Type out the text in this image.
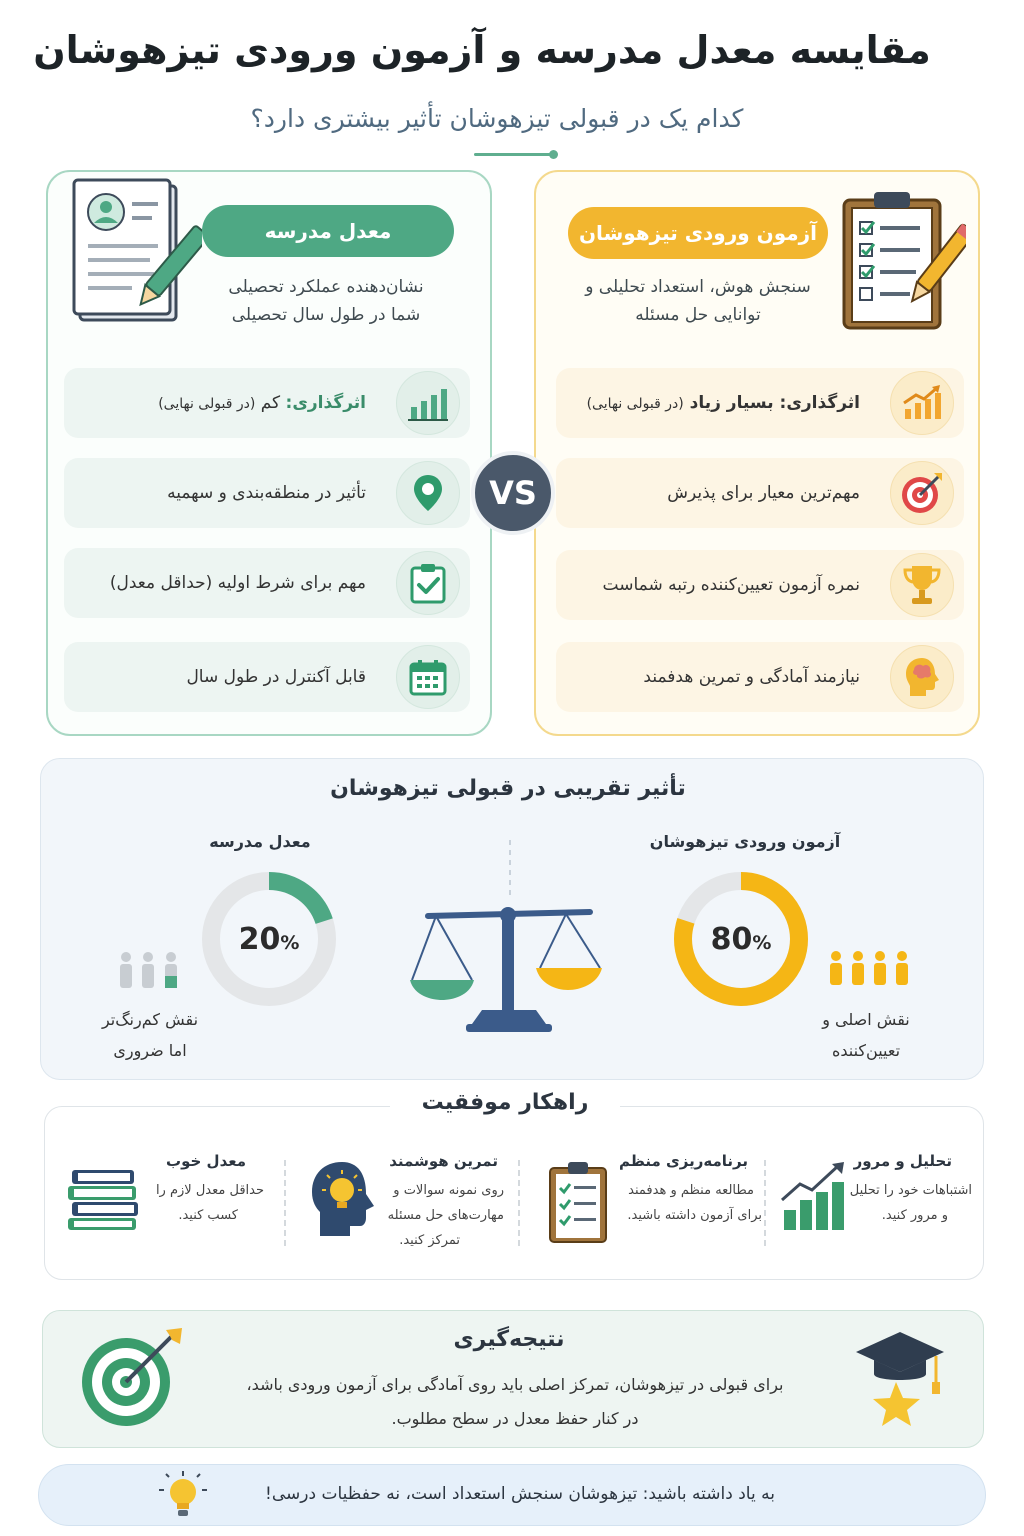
مقایسه معدل مدرسه و آزمون ورودی تیزهوشان
کدام یک در قبولی تیزهوشان تأثیر بیشتری دارد؟
معدل مدرسه
نشان‌دهنده عملکرد تحصیلی
شما در طول سال تحصیلی
اثرگذاری: کم (در قبولی نهایی)
تأثیر در منطقه‌بندی و سهمیه
مهم برای شرط اولیه (حداقل معدل)
قابل آکنترل در طول سال
آزمون ورودی تیزهوشان
سنجش هوش، استعداد تحلیلی و
توانایی حل مسئله
اثرگذاری: بسیار زیاد (در قبولی نهایی)
مهم‌ترین معیار برای پذیرش
نمره آزمون تعیین‌کننده رتبه شماست
نیازمند آمادگی و تمرین هدفمند
VS
تأثیر تقریبی در قبولی تیزهوشان
معدل مدرسه	آزمون ورودی تیزهوشان
20%	80%
نقش کم‌رنگ‌تر
اما ضروری
نقش اصلی و
تعیین‌کننده
راهکار موفقیت
تحلیل و مرور
اشتباهات خود را تحلیل
و مرور کنید.
برنامه‌ریزی منظم
مطالعه منظم و هدفمند
برای آزمون داشته باشید.
تمرین هوشمند
روی نمونه سوالات و
مهارت‌های حل مسئله
تمرکز کنید.
معدل خوب
حداقل معدل لازم را
کسب کنید.
نتیجه‌گیری
برای قبولی در تیزهوشان، تمرکز اصلی باید روی آمادگی برای آزمون ورودی باشد،
در کنار حفظ معدل در سطح مطلوب.
به یاد داشته باشید: تیزهوشان سنجش استعداد است، نه حفظیات درسی!
